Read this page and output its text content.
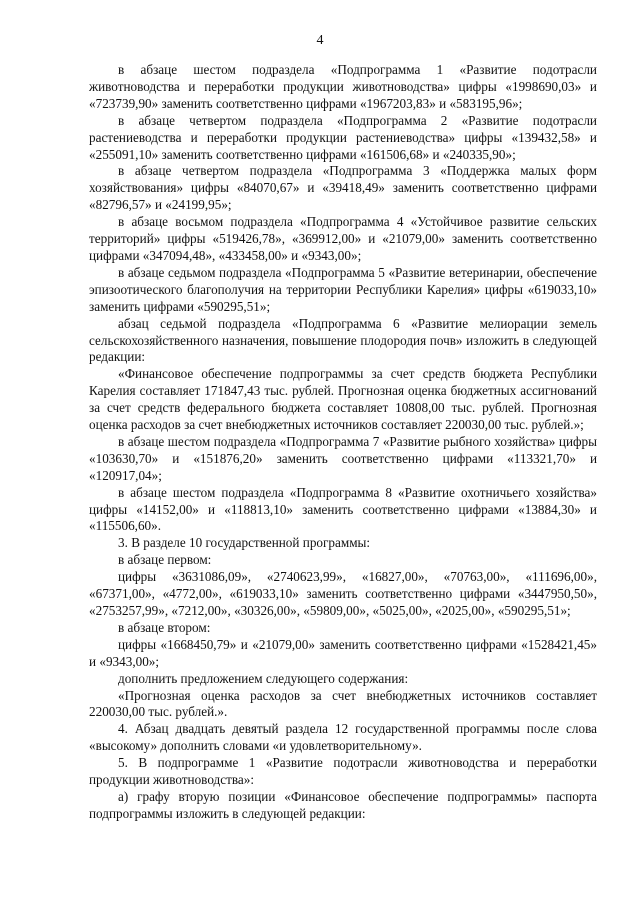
4

в абзаце шестом подраздела «Подпрограмма 1 «Развитие подотрасли животноводства и переработки продукции животноводства» цифры «1998690,03» и «723739,90» заменить соответственно цифрами «1967203,83» и «583195,96»;

в абзаце четвертом подраздела «Подпрограмма 2 «Развитие подотрасли растениеводства и переработки продукции растениеводства» цифры «139432,58» и «255091,10» заменить соответственно цифрами «161506,68» и «240335,90»;

в абзаце четвертом подраздела «Подпрограмма 3 «Поддержка малых форм хозяйствования» цифры «84070,67» и «39418,49» заменить соответственно цифрами «82796,57» и «24199,95»;

в абзаце восьмом подраздела «Подпрограмма 4 «Устойчивое развитие сельских территорий» цифры «519426,78», «369912,00» и «21079,00» заменить соответственно цифрами «347094,48», «433458,00» и «9343,00»;

в абзаце седьмом подраздела «Подпрограмма 5 «Развитие ветеринарии, обеспечение эпизоотического благополучия на территории Республики Карелия» цифры «619033,10» заменить цифрами «590295,51»;

абзац седьмой подраздела «Подпрограмма 6 «Развитие мелиорации земель сельскохозяйственного назначения, повышение плодородия почв» изложить в следующей редакции:

«Финансовое обеспечение подпрограммы за счет средств бюджета Республики Карелия составляет 171847,43 тыс. рублей. Прогнозная оценка бюджетных ассигнований за счет средств федерального бюджета составляет 10808,00 тыс. рублей. Прогнозная оценка расходов за счет внебюджетных источников составляет 220030,00 тыс. рублей.»;

в абзаце шестом подраздела «Подпрограмма 7 «Развитие рыбного хозяйства» цифры «103630,70» и «151876,20» заменить соответственно цифрами «113321,70» и «120917,04»;

в абзаце шестом подраздела «Подпрограмма 8 «Развитие охотничьего хозяйства» цифры «14152,00» и «118813,10» заменить соответственно цифрами «13884,30» и «115506,60».

3. В разделе 10 государственной программы:

в абзаце первом:

цифры «3631086,09», «2740623,99», «16827,00», «70763,00», «111696,00», «67371,00», «4772,00», «619033,10» заменить соответственно цифрами «3447950,50», «2753257,99», «7212,00», «30326,00», «59809,00», «5025,00», «2025,00», «590295,51»;

в абзаце втором:

цифры «1668450,79» и «21079,00» заменить соответственно цифрами «1528421,45» и «9343,00»;

дополнить предложением следующего содержания:

«Прогнозная оценка расходов за счет внебюджетных источников составляет 220030,00 тыс. рублей.».

4. Абзац двадцать девятый раздела 12 государственной программы после слова «высокому» дополнить словами «и удовлетворительному».

5. В подпрограмме 1 «Развитие подотрасли животноводства и переработки продукции животноводства»:

а) графу вторую позиции «Финансовое обеспечение подпрограммы» паспорта подпрограммы изложить в следующей редакции:
